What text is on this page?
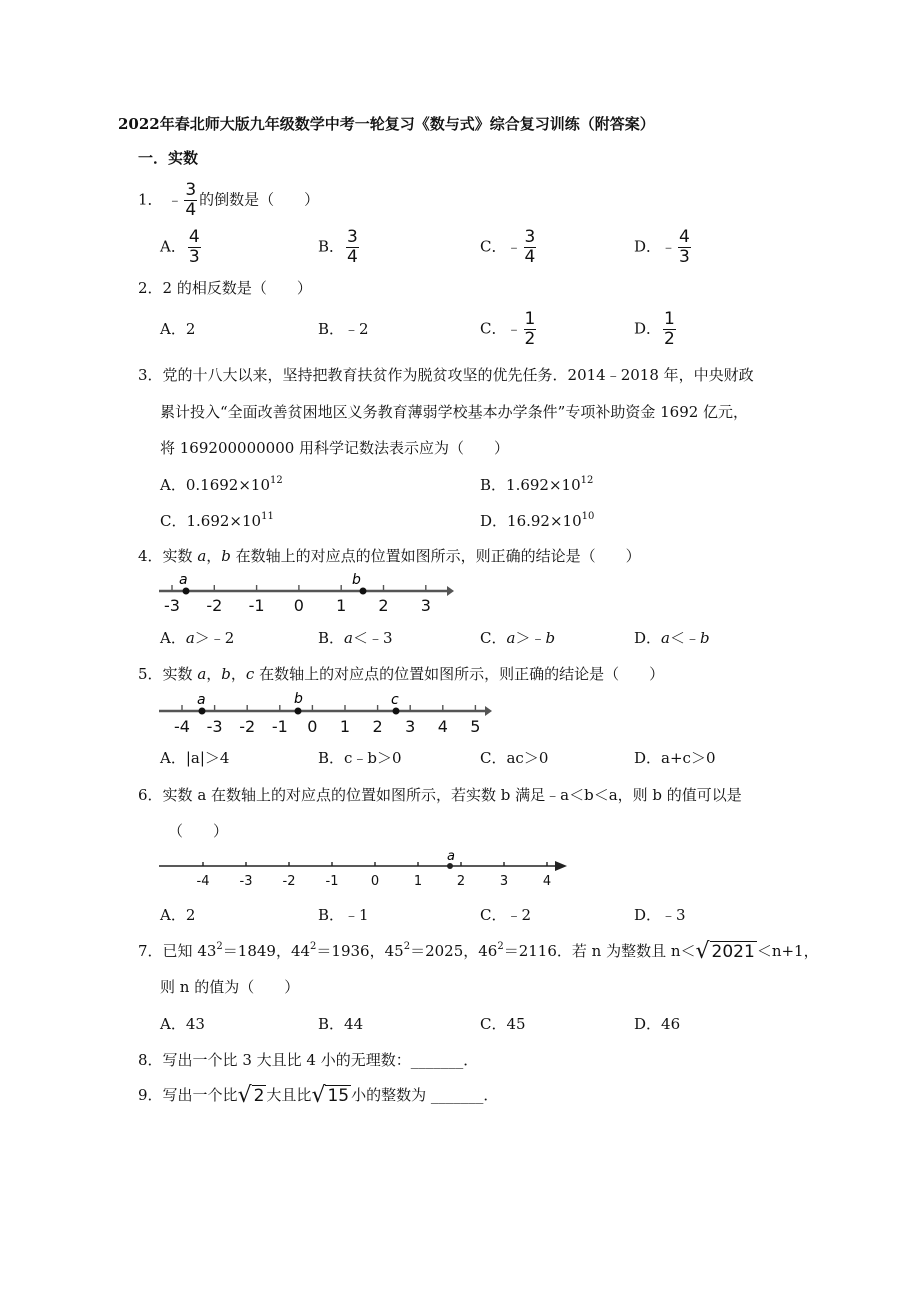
2022年春北师大版九年级数学中考一轮复习《数与式》综合复习训练（附答案）
一．实数
1． ﹣ $\frac{3}{4}$ 的倒数是（　　）
A． $\frac{4}{3}$	B． $\frac{3}{4}$	C．﹣ $\frac{3}{4}$	D．﹣ $\frac{4}{3}$
2．2 的相反数是（　　）
A．2	B．﹣2	C．﹣ $\frac{1}{2}$	D． $\frac{1}{2}$
3．党的十八大以来，坚持把教育扶贫作为脱贫攻坚的优先任务．2014﹣2018 年，中央财政
累计投入“全面改善贫困地区义务教育薄弱学校基本办学条件”专项补助资金 1692 亿元，
将 169200000000 用科学记数法表示应为（　　）
A．$0.1692\times 10^{12}$	B．$1.692\times 10^{12}$
C．$1.692\times 10^{11}$	D．$16.92\times 10^{10}$
4．实数 a，b 在数轴上的对应点的位置如图所示，则正确的结论是（　　）
-3 -2 -1 0 1 2 3
a	b
A．a＞﹣2	B．a＜﹣3	C．a＞﹣b	D．a＜﹣b
5．实数 a，b，c 在数轴上的对应点的位置如图所示，则正确的结论是（　　）
-4 -3 -2 -1 0 1 2 3 4 5
a	b	c
A．|a|＞4	B．c﹣b＞0	C．ac＞0	D．a+c＞0
6．实数 a 在数轴上的对应点的位置如图所示，若实数 b 满足﹣a＜b＜a，则 b 的值可以是
（　　）
-4 -3 -2 -1 0	1	2	3	4
a
A．2	B．﹣1	C．﹣2	D．﹣3
7．已知 $43^2=1849$，$44^2=1936$，$45^2=2025$，$46^2=2116$．若 n 为整数且 n＜ √ 2021 ＜n+1，
则 n 的值为（　　）
A．43	B．44	C．45	D．46
8．写出一个比 3 大且比 4 小的无理数：_______．
9．写出一个比 √ 2 大且比 √ 15 小的整数为 _______．
